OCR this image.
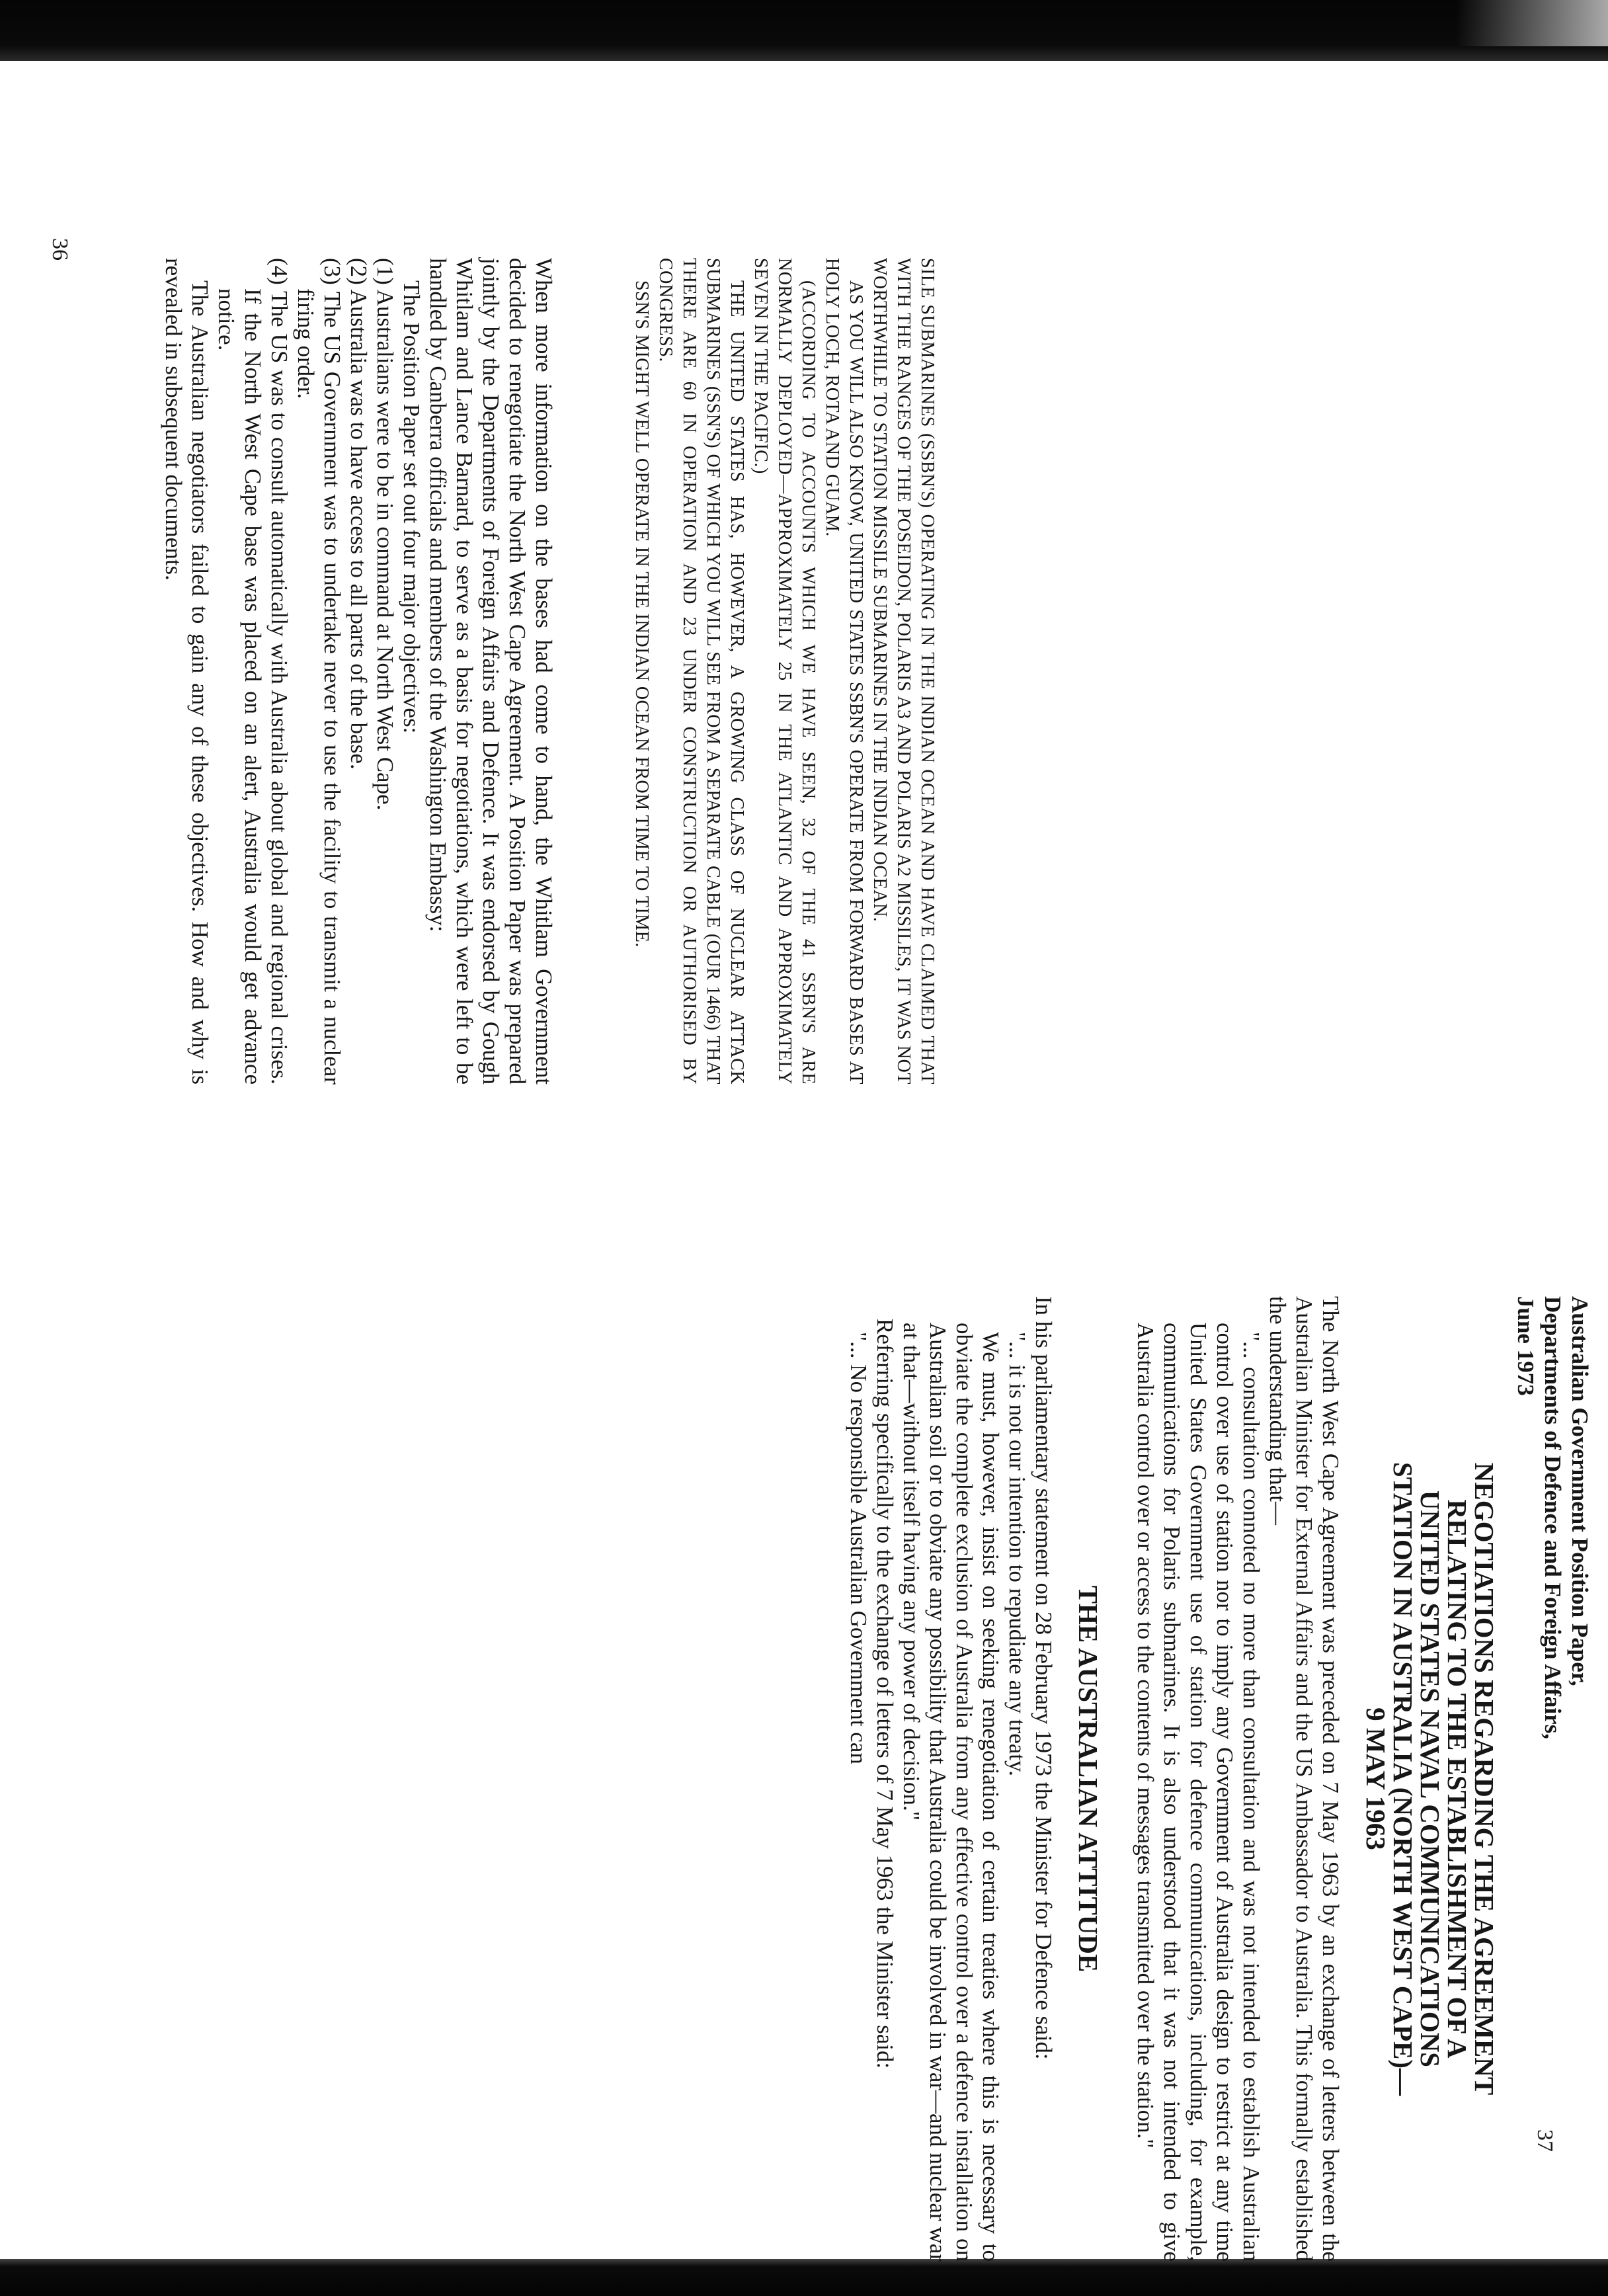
SILE SUBMARINES (SSBN'S) OPERATING IN THE INDIAN OCEAN AND HAVE CLAIMED THAT WITH THE RANGES OF THE POSEIDON, POLARIS A3 AND POLARIS A2 MISSILES, IT WAS NOT WORTHWHILE TO STATION MISSILE SUBMARINES IN THE INDIAN OCEAN.

AS YOU WILL ALSO KNOW, UNITED STATES SSBN'S OPERATE FROM FORWARD BASES AT HOLY LOCH, ROTA AND GUAM.

(ACCORDING TO ACCOUNTS WHICH WE HAVE SEEN, 32 OF THE 41 SSBN'S ARE NORMALLY DEPLOYED—APPROXIMATELY 25 IN THE ATLANTIC AND APPROXIMATELY SEVEN IN THE PACIFIC.)

THE UNITED STATES HAS, HOWEVER, A GROWING CLASS OF NUCLEAR ATTACK SUBMARINES (SSN'S) OF WHICH YOU WILL SEE FROM A SEPARATE CABLE (OUR 1466) THAT THERE ARE 60 IN OPERATION AND 23 UNDER CONSTRUCTION OR AUTHORISED BY CONGRESS.

SSN'S MIGHT WELL OPERATE IN THE INDIAN OCEAN FROM TIME TO TIME.

When more information on the bases had come to hand, the Whitlam Government decided to renegotiate the North West Cape Agreement. A Position Paper was prepared jointly by the Departments of Foreign Affairs and Defence. It was endorsed by Gough Whitlam and Lance Barnard, to serve as a basis for negotiations, which were left to be handled by Canberra officials and members of the Washington Embassy:

The Position Paper set out four major objectives:

(1) Australians were to be in command at North West Cape.
(2) Australia was to have access to all parts of the base.
(3) The US Government was to undertake never to use the facility to transmit a nuclear firing order.
(4) The US was to consult automatically with Australia about global and regional crises. If the North West Cape base was placed on an alert, Australia would get advance notice.

The Australian negotiators failed to gain any of these objectives. How and why is revealed in subsequent documents.

36

Australian Government Position Paper,

Departments of Defence and Foreign Affairs,

June 1973

NEGOTIATIONS REGARDING THE AGREEMENT
RELATING TO THE ESTABLISHMENT OF A
UNITED STATES NAVAL COMMUNICATIONS
STATION IN AUSTRALIA (NORTH WEST CAPE)—
9 MAY 1963

The North West Cape Agreement was preceded on 7 May 1963 by an exchange of letters between the Australian Minister for External Affairs and the US Ambassador to Australia. This formally established the understanding that—

"... consultation connoted no more than consultation and was not intended to establish Australian control over use of station nor to imply any Government of Australia design to restrict at any time United States Government use of station for defence communications, including, for example, communications for Polaris submarines. It is also understood that it was not intended to give Australia control over or access to the contents of messages transmitted over the station."

THE AUSTRALIAN ATTITUDE

In his parliamentary statement on 28 February 1973 the Minister for Defence said:

"... it is not our intention to repudiate any treaty.

We must, however, insist on seeking renegotiation of certain treaties where this is necessary to obviate the complete exclusion of Australia from any effective control over a defence installation on Australian soil or to obviate any possibility that Australia could be involved in war—and nuclear war at that—without itself having any power of decision."

Referring specifically to the exchange of letters of 7 May 1963 the Minister said:

"... No responsible Australian Government can

37
